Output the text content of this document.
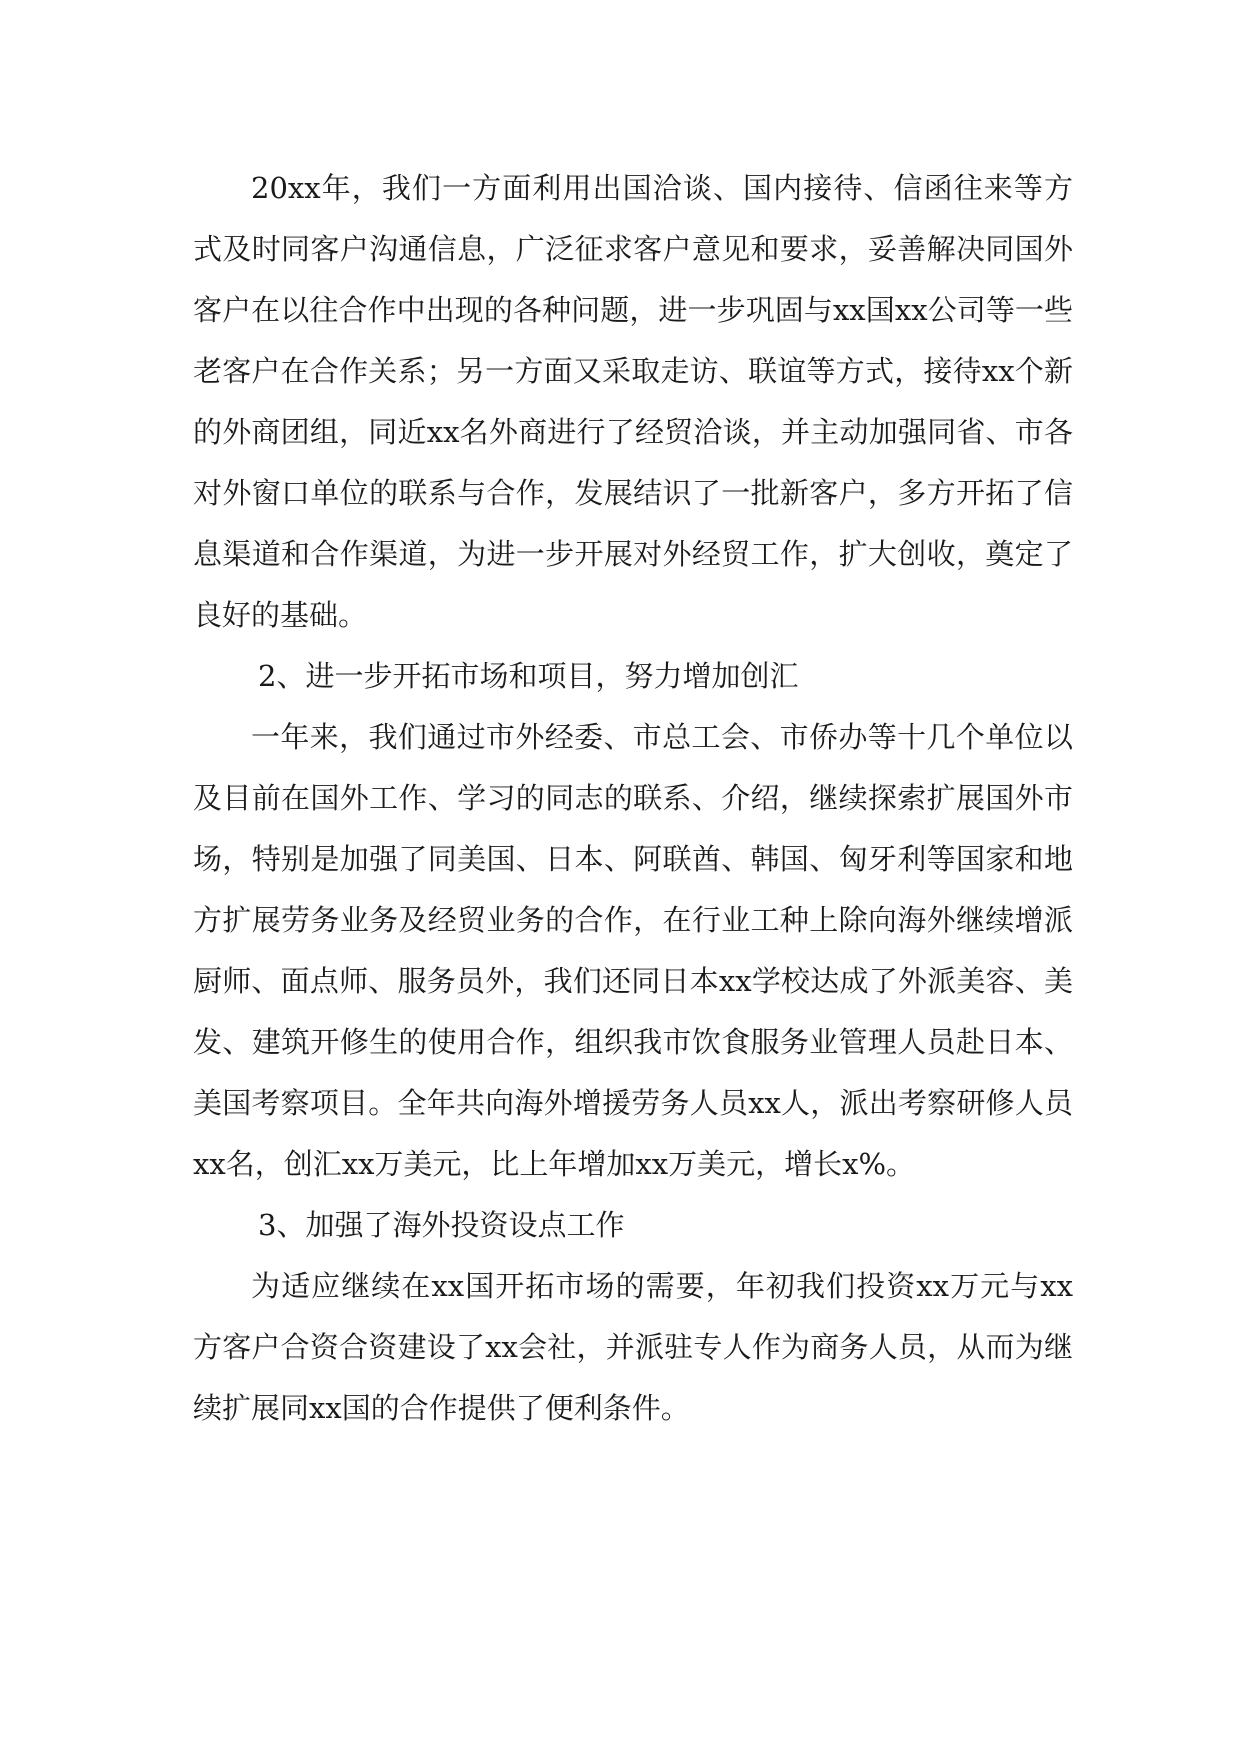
20xx年，我们一方面利用出国洽谈、国内接待、信函往来等方式及时同客户沟通信息，广泛征求客户意见和要求，妥善解决同国外客户在以往合作中出现的各种问题，进一步巩固与xx国xx公司等一些老客户在合作关系；另一方面又采取走访、联谊等方式，接待xx个新的外商团组，同近xx名外商进行了经贸洽谈，并主动加强同省、市各对外窗口单位的联系与合作，发展结识了一批新客户，多方开拓了信息渠道和合作渠道，为进一步开展对外经贸工作，扩大创收，奠定了良好的基础。

2、进一步开拓市场和项目，努力增加创汇

一年来，我们通过市外经委、市总工会、市侨办等十几个单位以及目前在国外工作、学习的同志的联系、介绍，继续探索扩展国外市场，特别是加强了同美国、日本、阿联酋、韩国、匈牙利等国家和地方扩展劳务业务及经贸业务的合作，在行业工种上除向海外继续增派厨师、面点师、服务员外，我们还同日本xx学校达成了外派美容、美发、建筑开修生的使用合作，组织我市饮食服务业管理人员赴日本、美国考察项目。全年共向海外增援劳务人员xx人，派出考察研修人员xx名，创汇xx万美元，比上年增加xx万美元，增长x%。

3、加强了海外投资设点工作

为适应继续在xx国开拓市场的需要，年初我们投资xx万元与xx方客户合资合资建设了xx会社，并派驻专人作为商务人员，从而为继续扩展同xx国的合作提供了便利条件。
